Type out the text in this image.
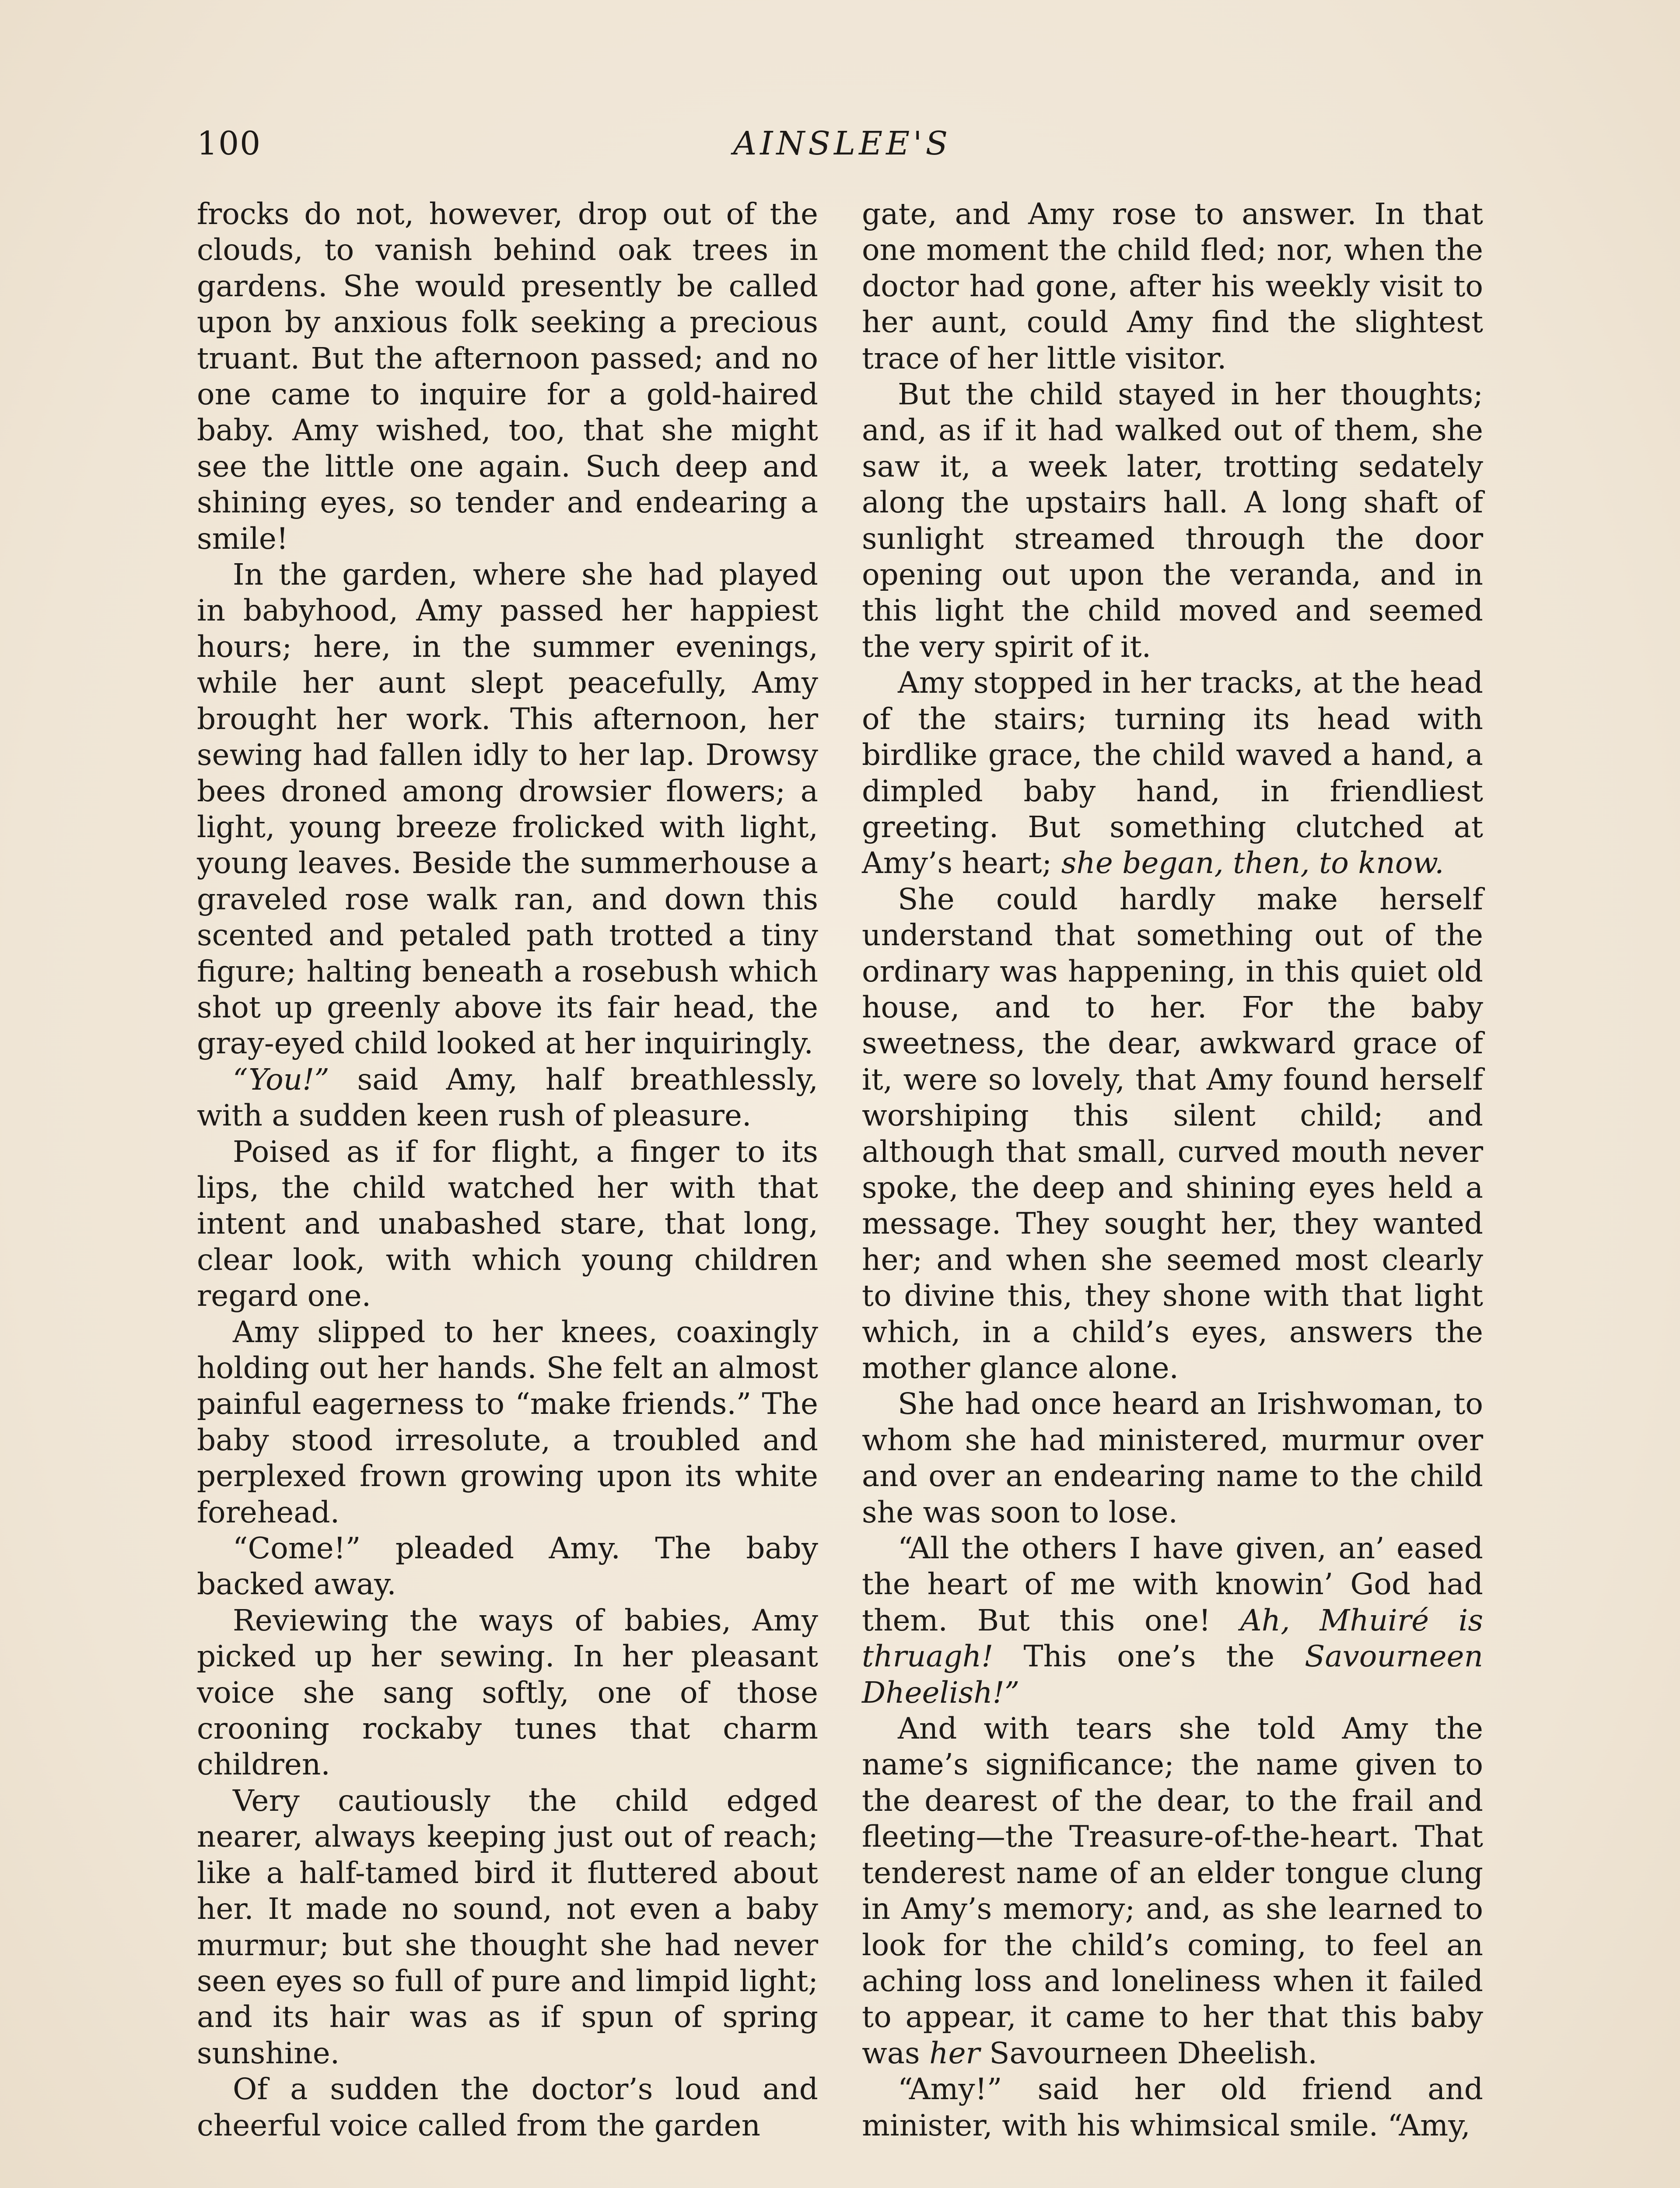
100	AINSLEE'S

frocks do not, however, drop out of the clouds, to vanish behind oak trees in gardens. She would presently be called upon by anxious folk seeking a precious truant. But the afternoon passed; and no one came to inquire for a gold-haired baby. Amy wished, too, that she might see the little one again. Such deep and shining eyes, so tender and endearing a smile!

In the garden, where she had played in babyhood, Amy passed her happiest hours; here, in the summer evenings, while her aunt slept peacefully, Amy brought her work. This afternoon, her sewing had fallen idly to her lap. Drowsy bees droned among drowsier flowers; a light, young breeze frolicked with light, young leaves. Beside the summerhouse a graveled rose walk ran, and down this scented and petaled path trotted a tiny figure; halting beneath a rosebush which shot up greenly above its fair head, the gray-eyed child looked at her inquiringly.

“You!” said Amy, half breathlessly, with a sudden keen rush of pleasure.

Poised as if for flight, a finger to its lips, the child watched her with that intent and unabashed stare, that long, clear look, with which young children regard one.

Amy slipped to her knees, coaxingly holding out her hands. She felt an almost painful eagerness to “make friends.” The baby stood irresolute, a troubled and perplexed frown growing upon its white forehead.

“Come!” pleaded Amy. The baby backed away.

Reviewing the ways of babies, Amy picked up her sewing. In her pleasant voice she sang softly, one of those crooning rockaby tunes that charm children.

Very cautiously the child edged nearer, always keeping just out of reach; like a half-tamed bird it fluttered about her. It made no sound, not even a baby murmur; but she thought she had never seen eyes so full of pure and limpid light; and its hair was as if spun of spring sunshine.

Of a sudden the doctor’s loud and cheerful voice called from the garden

gate, and Amy rose to answer. In that one moment the child fled; nor, when the doctor had gone, after his weekly visit to her aunt, could Amy find the slightest trace of her little visitor.

But the child stayed in her thoughts; and, as if it had walked out of them, she saw it, a week later, trotting sedately along the upstairs hall. A long shaft of sunlight streamed through the door opening out upon the veranda, and in this light the child moved and seemed the very spirit of it.

Amy stopped in her tracks, at the head of the stairs; turning its head with birdlike grace, the child waved a hand, a dimpled baby hand, in friendliest greeting. But something clutched at Amy’s heart; she began, then, to know.

She could hardly make herself understand that something out of the ordinary was happening, in this quiet old house, and to her. For the baby sweetness, the dear, awkward grace of it, were so lovely, that Amy found herself worshiping this silent child; and although that small, curved mouth never spoke, the deep and shining eyes held a message. They sought her, they wanted her; and when she seemed most clearly to divine this, they shone with that light which, in a child’s eyes, answers the mother glance alone.

She had once heard an Irishwoman, to whom she had ministered, murmur over and over an endearing name to the child she was soon to lose.

“All the others I have given, an’ eased the heart of me with knowin’ God had them. But this one! Ah, Mhuiré is thruagh! This one’s the Savourneen Dheelish!”

And with tears she told Amy the name’s significance; the name given to the dearest of the dear, to the frail and fleeting—the Treasure-of-the-heart. That tenderest name of an elder tongue clung in Amy’s memory; and, as she learned to look for the child’s coming, to feel an aching loss and loneliness when it failed to appear, it came to her that this baby was her Savourneen Dheelish.

“Amy!” said her old friend and minister, with his whimsical smile. “Amy,
